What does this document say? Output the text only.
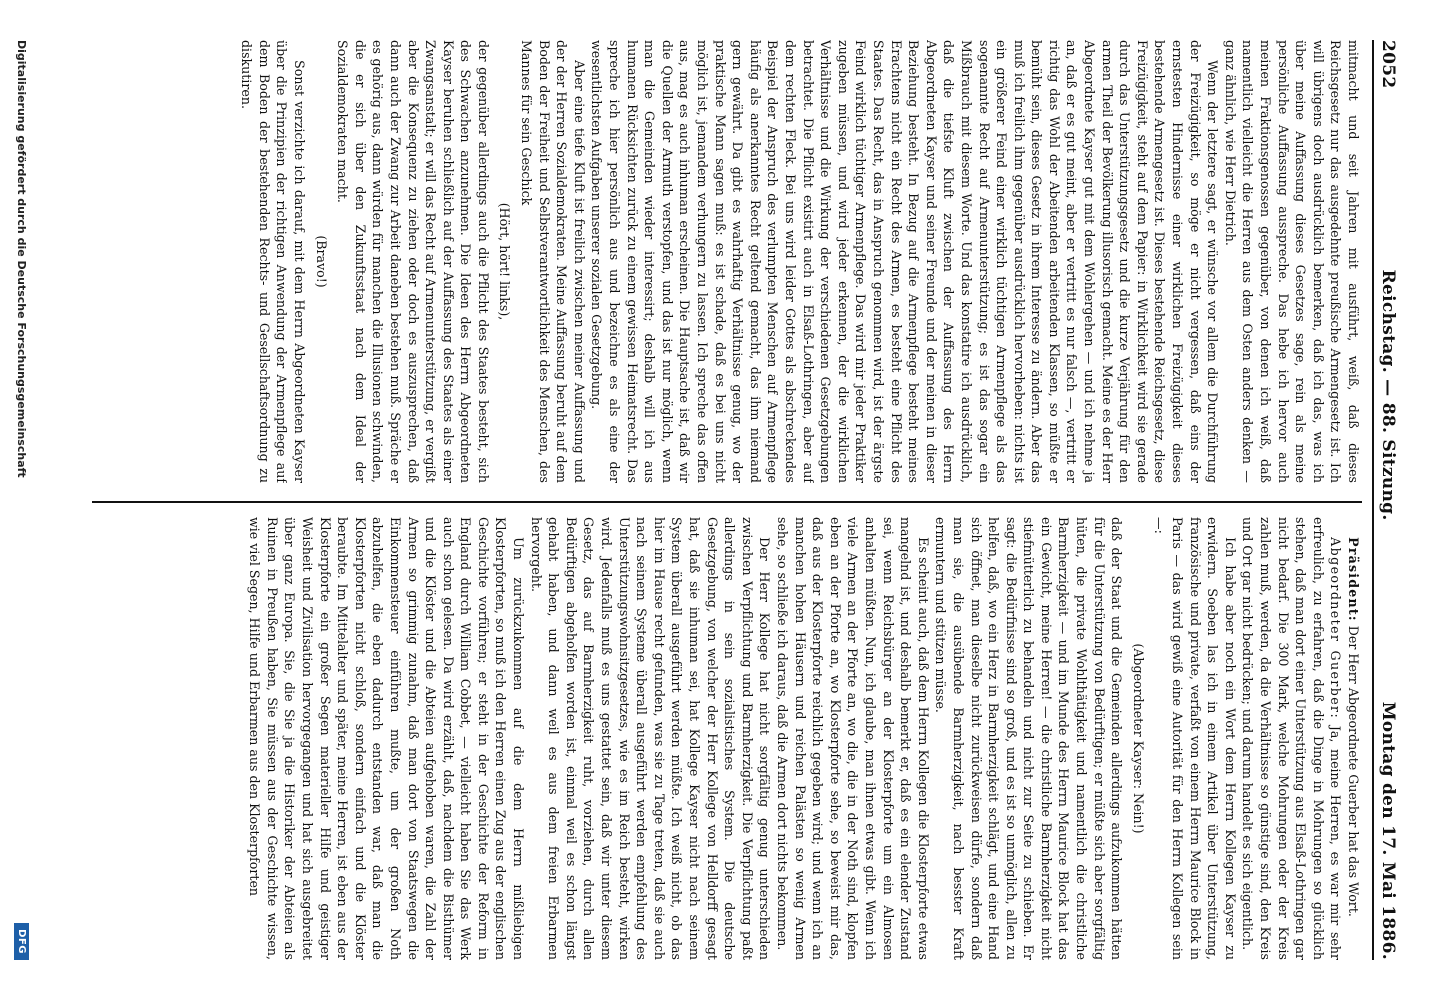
2052
Reichstag. — 88. Sitzung.
Montag den 17. Mai 1886.

mitmacht und seit Jahren mit ausführt, weiß, daß dieses Reichsgesetz nur das ausgedehnte preußische Armengesetz ist. Ich will übrigens doch ausdrücklich bemerken, daß ich das, was ich über meine Auffassung dieses Gesetzes sage, rein als meine persönliche Auffassung ausspreche. Das hebe ich hervor auch meinen Fraktionsgenossen gegenüber, von denen ich weiß, daß namentlich vielleicht die Herren aus dem Osten anders denken — ganz ähnlich, wie Herr Dietrich.

Wenn der letztere sagt, er wünsche vor allem die Durchführung der Freizügigkeit, so möge er nicht vergessen, daß eins der ernstesten Hindernisse einer wirklichen Freizügigkeit dieses bestehende Armengesetz ist. Dieses bestehende Reichsgesetz, diese Freizügigkeit, steht auf dem Papier: in Wirklichkeit wird sie gerade durch das Unterstützungsgesetz und die kurze Verjährung für den armen Theil der Bevölkerung illusorisch gemacht. Meine es der Herr Abgeordnete Kayser gut mit dem Wohlergehen — und ich nehme ja an, daß er es gut meint, aber er vertritt es nur falsch —, vertritt er richtig das Wohl der Abeitenden arbeitenden Klassen, so müßte er bemüht sein, dieses Gesetz in ihrem Interesse zu ändern. Aber das muß ich freilich ihm gegenüber ausdrücklich hervorheben: nichts ist ein größerer Feind einer wirklich tüchtigen Armenpflege als das sogenannte Recht auf Armenunterstützung; es ist das sogar ein Mißbrauch mit diesem Worte. Und das konstatire ich ausdrücklich, daß die tiefste Kluft zwischen der Auffassung des Herrn Abgeordneten Kayser und seiner Freunde und der meinen in dieser Beziehung besteht. In Bezug auf die Armenpflege besteht meines Erachtens nicht ein Recht des Armen, es besteht eine Pflicht des Staates. Das Recht, das in Anspruch genommen wird, ist der ärgste Feind wirklich tüchtiger Armenpflege. Das wird mir jeder Praktiker zugeben müssen, und wird jeder erkennen, der die wirklichen Verhältnisse und die Wirkung der verschiedenen Gesetzgebungen betrachtet. Die Pflicht existirt auch in Elsaß-Lothringen, aber auf dem rechten Fleck. Bei uns wird leider Gottes als abschreckendes Beispiel der Anspruch des verlumpten Menschen auf Armenpflege häufig als anerkanntes Recht geltend gemacht, das ihm niemand gern gewährt. Da gibt es wahrhaftig Verhältnisse genug, wo der praktische Mann sagen muß: es ist schade, daß es bei uns nicht möglich ist, jemandem verhungern zu lassen. Ich spreche das offen aus, mag es auch inhuman erscheinen. Die Hauptsache ist, daß wir die Quellen der Armuth verstopfen, und das ist nur möglich, wenn man die Gemeinden wieder interessirt; deshalb will ich aus humanen Rücksichten zurück zu einem gewissen Heimatsrecht. Das spreche ich hier persönlich aus und bezeichne es als eine der wesentlichsten Aufgaben unserer sozialen Gesetzgebung.

Aber eine tiefe Kluft ist freilich zwischen meiner Auffassung und der der Herren Sozialdemokraten. Meine Auffassung beruht auf dem Boden der Freiheit und Selbstverantwortlichkeit des Menschen, des Mannes für sein Geschick

(Hört, hört! links),

der gegenüber allerdings auch die Pflicht des Staates besteht, sich des Schwachen anzunehmen. Die Ideen des Herrn Abgeordneten Kayser beruhen schließlich auf der Auffassung des Staates als einer Zwangsanstalt; er will das Recht auf Armenunterstützung, er vergißt aber die Konsequenz zu ziehen oder doch es auszusprechen, daß dann auch der Zwang zur Arbeit daneben bestehen muß. Spräche er es gehörig aus, dann würden für manchen die Illusionen schwinden, die er sich über den Zukunftsstaat nach dem Ideal der Sozialdemokraten macht.

(Bravo!)

Sonst verzichte ich darauf, mit dem Herrn Abgeordneten Kayser über die Prinzipien der richtigen Anwendung der Armenpflege auf dem Boden der bestehenden Rechts- und Gesellschaftsordnung zu diskutiren.

Präsident: Der Herr Abgeordnete Guerber hat das Wort.

Abgeordneter Guerber: Ja, meine Herren, es war mir sehr erfreulich, zu erfahren, daß die Dinge in Mohrungen so glücklich stehen, daß man dort einer Unterstützung aus Elsaß-Lothringen gar nicht bedarf. Die 300 Mark, welche Mohrungen oder der Kreis zahlen muß, werden, da die Verhältnisse so günstige sind, den Kreis und Ort gar nicht bedrücken; und darum handelt es sich eigentlich.

Ich habe aber noch ein Wort dem Herrn Kollegen Kayser zu erwidern. Soeben las ich in einem Artikel über Unterstützung, französische und private, verfaßt von einem Herrn Maurice Block in Paris — das wird gewiß eine Autorität für den Herrn Kollegen sein —:

(Abgeordneter Kayser: Nein!)

daß der Staat und die Gemeinden allerdings aufzukommen hätten für die Unterstützung von Bedürftigen; er müßte sich aber sorgfältig hüten, die private Wohlthätigkeit und namentlich die christliche Barmherzigkeit — und im Munde des Herrn Maurice Block hat das ein Gewicht, meine Herren! — die christliche Barmherzigkeit nicht stiefmütterlich zu behandeln und nicht zur Seite zu schieben. Er sagt: die Bedürfnisse sind so groß, und es ist so unmöglich, allen zu helfen, daß, wo ein Herz in Barmherzigkeit schlägt, und eine Hand sich öffnet, man dieselbe nicht zurückweisen dürfe, sondern daß man sie, die ausübende Barmherzigkeit, nach besster Kraft ermuntern und stützen müsse.

Es scheint auch, daß dem Herrn Kollegen die Klosterpforte etwas mangelnd ist, und deshalb bemerkt er, daß es ein elender Zustand sei, wenn Reichsbürger an der Klosterpforte um ein Almosen anhalten müßten. Nun, ich glaube, man ihnen etwas gibt. Wenn ich viele Armen an der Pforte an, wo die, die in der Noth sind, klopfen eben an der Pforte an, wo Klosterpforte sehe, so beweist mir das, daß aus der Klosterpforte reichlich gegeben wird; und wenn ich an manchen hohen Häusern und reichen Palästen so wenig Armen sehe, so schließe ich daraus, daß die Armen dort nichts bekommen.

Der Herr Kollege hat nicht sorgfältig genug unterschieden zwischen Verpflichtung und Barmherzigkeit. Die Verpflichtung paßt allerdings in sein sozialistisches System. Die deutsche Gesetzgebung, von welcher der Herr Kollege von Helldorff gesagt hat, daß sie inhuman sei, hat Kollege Kayser nicht nach seinem System überall ausgeführt werden müßte. Ich weiß nicht, ob das hier im Hause recht gefunden, was sie zu Tage treten, daß sie auch nach seinem Systeme überall ausgeführt werden empfehlung des Unterstützungswohnsitzgesetzes, wie es im Reich besteht, wirken wird. Jedenfalls muß es uns gestattet sein, daß wir unter diesem Gesetz, das auf Barmherzigkeit ruht, vorziehen, durch allen Bedürftigen abgeholfen worden ist, einmal weil es schon längst gehabt haben, und dann weil es aus dem freien Erbarmen hervorgeht.

Um zurückzukommen auf die dem Herrn mißliebigen Klosterpforten, so muß ich den Herren einen Zug aus der englischen Geschichte vorführen; er steht in der Geschichte der Reform in England durch William Cobbet, — vielleicht haben Sie das Werk auch schon gelesen. Da wird erzählt, daß, nachdem die Bisthümer und die Klöster und die Abteien aufgehoben waren, die Zahl der Armen so grimmig zunahm, daß man dort von Staatswegen die Einkommensteuer einführen mußte, um der großen Noth abzuhelfen, die eben dadurch entstanden war, daß man die Klosterpforten nicht schloß, sondern einfach und die Klöster beraubte. Im Mittelalter und später, meine Herren, ist eben aus der Klosterpforte ein großer Segen materieller Hilfe und geistiger Weisheit und Zivilisation hervorgegangen und hat sich ausgebreitet über ganz Europa. Sie, die Sie ja die Historiker der Abteien als Ruinen in Preußen haben, Sie müssen aus der Geschichte wissen, wie viel Segen, Hilfe und Erbarmen aus den Klosterpforten

Digitalisierung gefördert durch die Deutsche Forschungsgemeinschaft
DFG
